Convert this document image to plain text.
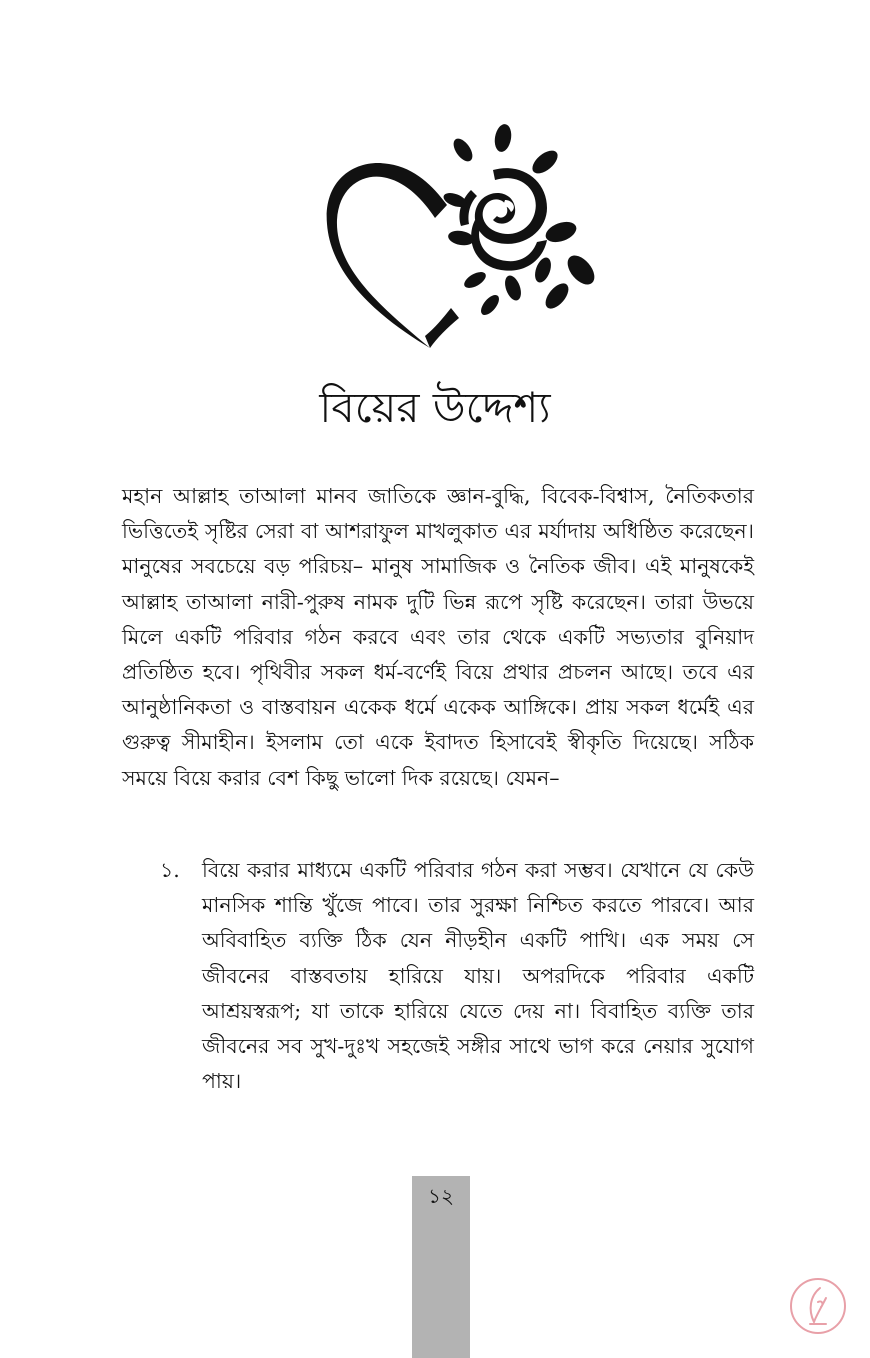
বিয়ের উদ্দেশ্য

মহান আল্লাহ তাআলা মানব জাতিকে জ্ঞান-বুদ্ধি, বিবেক-বিশ্বাস, নৈতিকতার ভিত্তিতেই সৃষ্টির সেরা বা আশরাফুল মাখলুকাত এর মর্যাদায় অধিষ্ঠিত করেছেন। মানুষের সবচেয়ে বড় পরিচয়– মানুষ সামাজিক ও নৈতিক জীব। এই মানুষকেই আল্লাহ তাআলা নারী-পুরুষ নামক দুটি ভিন্ন রূপে সৃষ্টি করেছেন। তারা উভয়ে মিলে একটি পরিবার গঠন করবে এবং তার থেকে একটি সভ্যতার বুনিয়াদ প্রতিষ্ঠিত হবে। পৃথিবীর সকল ধর্ম-বর্ণেই বিয়ে প্রথার প্রচলন আছে। তবে এর আনুষ্ঠানিকতা ও বাস্তবায়ন একেক ধর্মে একেক আঙ্গিকে। প্রায় সকল ধর্মেই এর গুরুত্ব সীমাহীন। ইসলাম তো একে ইবাদত হিসাবেই স্বীকৃতি দিয়েছে। সঠিক সময়ে বিয়ে করার বেশ কিছু ভালো দিক রয়েছে। যেমন–

১.	বিয়ে করার মাধ্যমে একটি পরিবার গঠন করা সম্ভব। যেখানে যে কেউ মানসিক শান্তি খুঁজে পাবে। তার সুরক্ষা নিশ্চিত করতে পারবে। আর অবিবাহিত ব্যক্তি ঠিক যেন নীড়হীন একটি পাখি। এক সময় সে জীবনের বাস্তবতায় হারিয়ে যায়। অপরদিকে পরিবার একটি আশ্রয়স্বরূপ; যা তাকে হারিয়ে যেতে দেয় না। বিবাহিত ব্যক্তি তার জীবনের সব সুখ-দুঃখ সহজেই সঙ্গীর সাথে ভাগ করে নেয়ার সুযোগ পায়।
১২
